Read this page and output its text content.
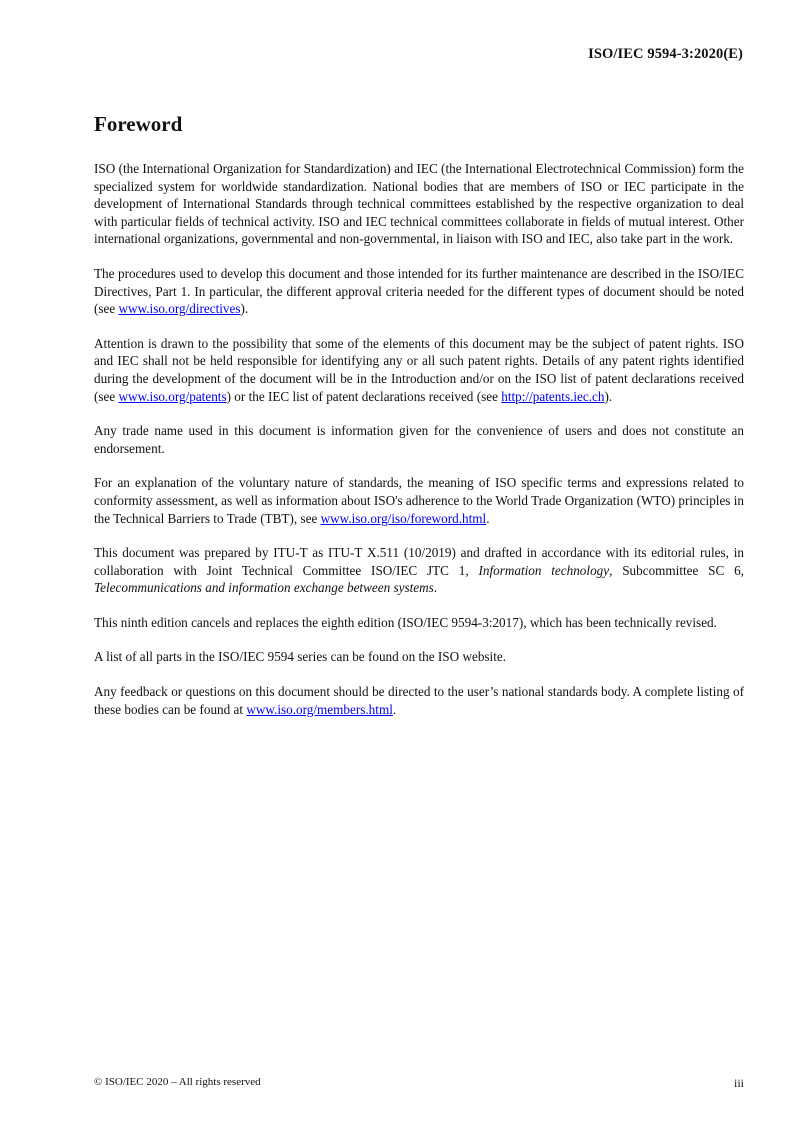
ISO/IEC 9594-3:2020(E)
Foreword

ISO (the International Organization for Standardization) and IEC (the International Electrotechnical Commission) form the specialized system for worldwide standardization. National bodies that are members of ISO or IEC participate in the development of International Standards through technical committees established by the respective organization to deal with particular fields of technical activity. ISO and IEC technical committees collaborate in fields of mutual interest. Other international organizations, governmental and non-governmental, in liaison with ISO and IEC, also take part in the work.

The procedures used to develop this document and those intended for its further maintenance are described in the ISO/IEC Directives, Part 1. In particular, the different approval criteria needed for the different types of document should be noted (see www.iso.org/directives).

Attention is drawn to the possibility that some of the elements of this document may be the subject of patent rights. ISO and IEC shall not be held responsible for identifying any or all such patent rights. Details of any patent rights identified during the development of the document will be in the Introduction and/or on the ISO list of patent declarations received (see www.iso.org/patents) or the IEC list of patent declarations received (see http://patents.iec.ch).

Any trade name used in this document is information given for the convenience of users and does not constitute an endorsement.

For an explanation of the voluntary nature of standards, the meaning of ISO specific terms and expressions related to conformity assessment, as well as information about ISO's adherence to the World Trade Organization (WTO) principles in the Technical Barriers to Trade (TBT), see www.iso.org/iso/foreword.html.

This document was prepared by ITU-T as ITU-T X.511 (10/2019) and drafted in accordance with its editorial rules, in collaboration with Joint Technical Committee ISO/IEC JTC 1, Information technology, Subcommittee SC 6, Telecommunications and information exchange between systems.

This ninth edition cancels and replaces the eighth edition (ISO/IEC 9594-3:2017), which has been technically revised.

A list of all parts in the ISO/IEC 9594 series can be found on the ISO website.

Any feedback or questions on this document should be directed to the user’s national standards body. A complete listing of these bodies can be found at www.iso.org/members.html.

© ISO/IEC 2020 – All rights reserved	iii
